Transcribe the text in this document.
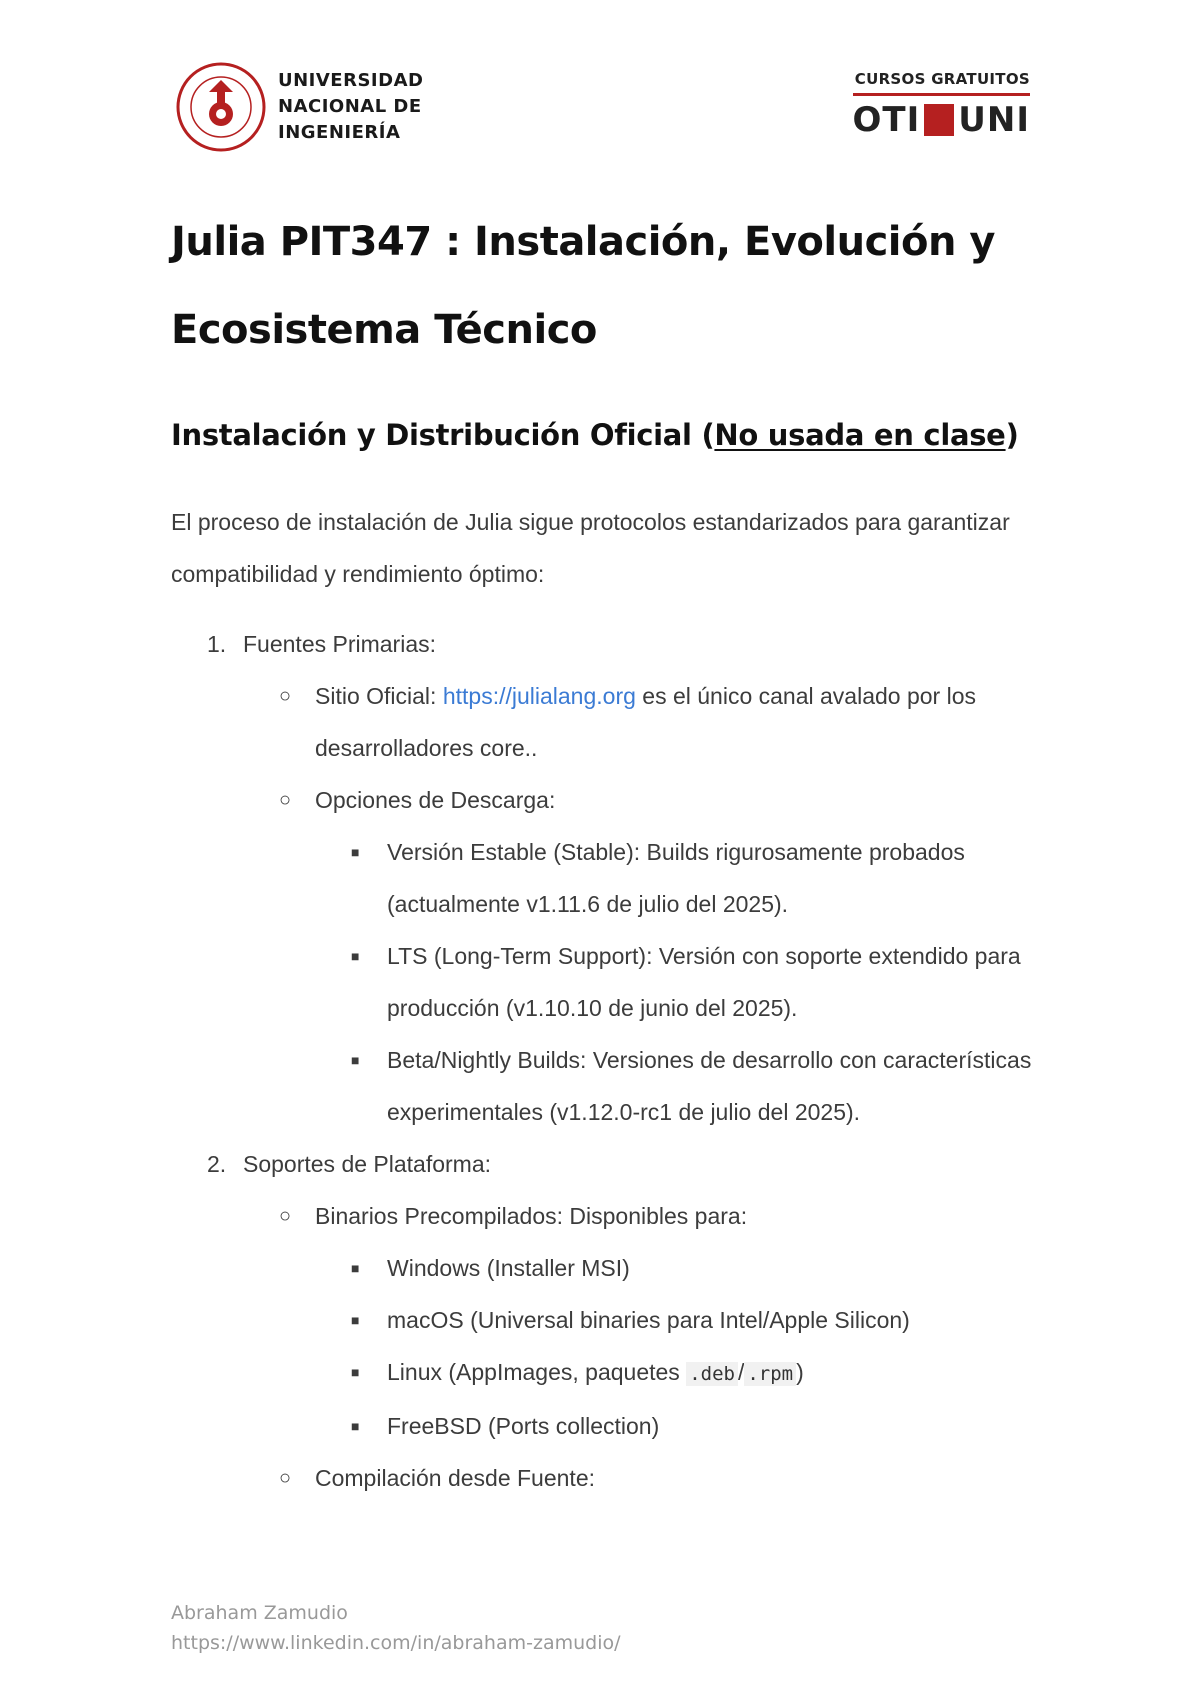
UNIVERSIDAD
NACIONAL DE
INGENIERÍA
CURSOS GRATUITOS
OTI UNI
Julia PIT347 : Instalación, Evolución y Ecosistema Técnico
Instalación y Distribución Oficial (No usada en clase)

El proceso de instalación de Julia sigue protocolos estandarizados para garantizar compatibilidad y rendimiento óptimo:

1. Fuentes Primarias:
○ Sitio Oficial: https://julialang.org es el único canal avalado por los desarrolladores core..
○ Opciones de Descarga:
■ Versión Estable (Stable): Builds rigurosamente probados (actualmente v1.11.6 de julio del 2025).
■ LTS (Long-Term Support): Versión con soporte extendido para producción (v1.10.10 de junio del 2025).
■ Beta/Nightly Builds: Versiones de desarrollo con características experimentales (v1.12.0-rc1 de julio del 2025).
2. Soportes de Plataforma:
○ Binarios Precompilados: Disponibles para:
■ Windows (Installer MSI)
■ macOS (Universal binaries para Intel/Apple Silicon)
■ Linux (AppImages, paquetes .deb / .rpm )
■ FreeBSD (Ports collection)
○ Compilación desde Fuente:
Abraham Zamudio
https://www.linkedin.com/in/abraham-zamudio/
